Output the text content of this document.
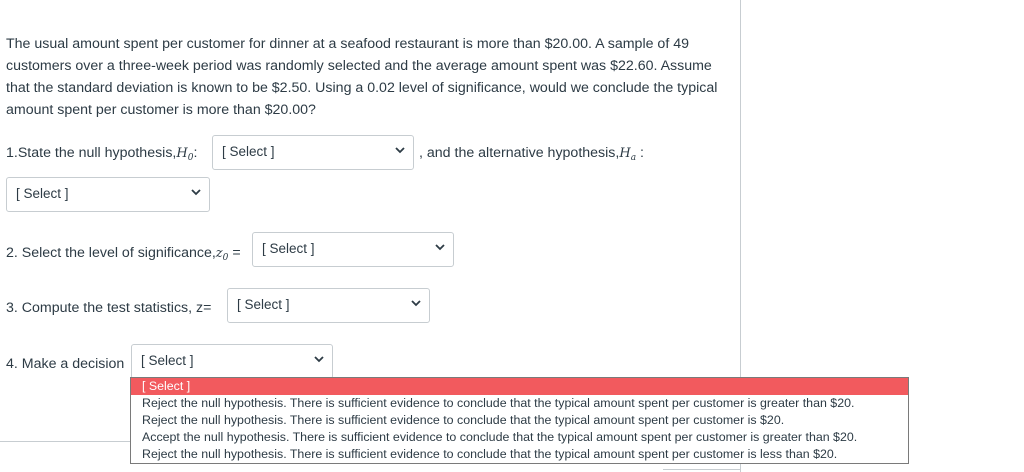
The usual amount spent per customer for dinner at a seafood restaurant is more than $20.00. A sample of 49 customers over a three-week period was randomly selected and the average amount spent was $22.60. Assume that the standard deviation is known to be $2.50. Using a 0.02 level of significance, would we conclude the typical amount spent per customer is more than $20.00?
1.State the null $hypothesis,H_0$: [ Select ]	, and the alternative $hypothesis,H_a$ :
[ Select ]
2. Select the level of $significance,z_0$ = [ Select ]
3. Compute the test statistics, z= [ Select ]
4. Make a decision [ Select ]
[ Select ]
Reject the null hypothesis. There is sufficient evidence to conclude that the typical amount spent per customer is greater than $20.
Reject the null hypothesis. There is sufficient evidence to conclude that the typical amount spent per customer is $20.
Accept the null hypothesis. There is sufficient evidence to conclude that the typical amount spent per customer is greater than $20.
Reject the null hypothesis. There is sufficient evidence to conclude that the typical amount spent per customer is less than $20.
